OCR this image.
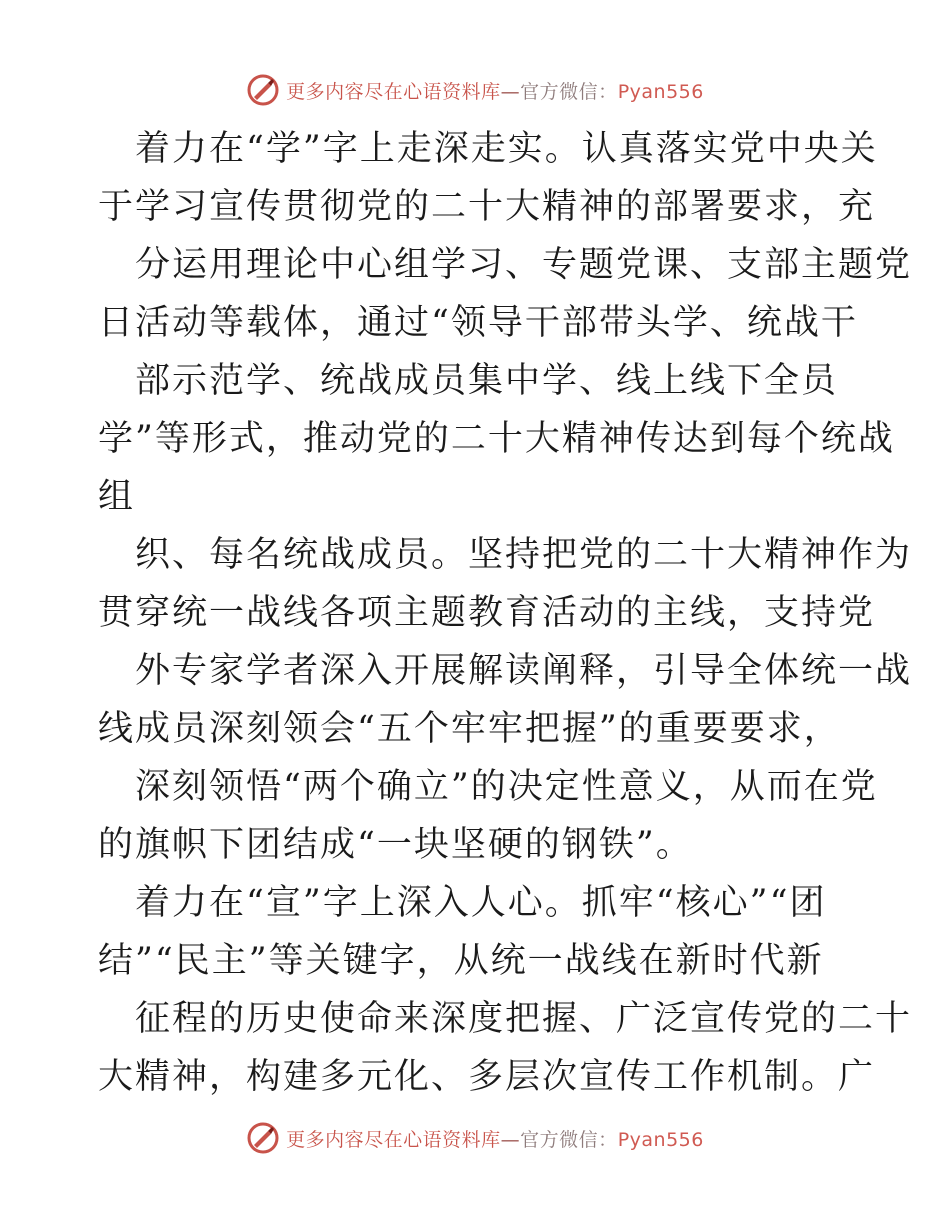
更多内容尽在心语资料库—官方微信：Pyan556
着力在“学”字上走深走实。认真落实党中央关
于学习宣传贯彻党的二十大精神的部署要求，充
分运用理论中心组学习、专题党课、支部主题党
日活动等载体，通过“领导干部带头学、统战干
部示范学、统战成员集中学、线上线下全员
学”等形式，推动党的二十大精神传达到每个统战
组
织、每名统战成员。坚持把党的二十大精神作为
贯穿统一战线各项主题教育活动的主线，支持党
外专家学者深入开展解读阐释，引导全体统一战
线成员深刻领会“五个牢牢把握”的重要要求，
深刻领悟“两个确立”的决定性意义，从而在党
的旗帜下团结成“一块坚硬的钢铁”。
着力在“宣”字上深入人心。抓牢“核心”“团
结”“民主”等关键字，从统一战线在新时代新
征程的历史使命来深度把握、广泛宣传党的二十
大精神，构建多元化、多层次宣传工作机制。广
更多内容尽在心语资料库—官方微信：Pyan556
